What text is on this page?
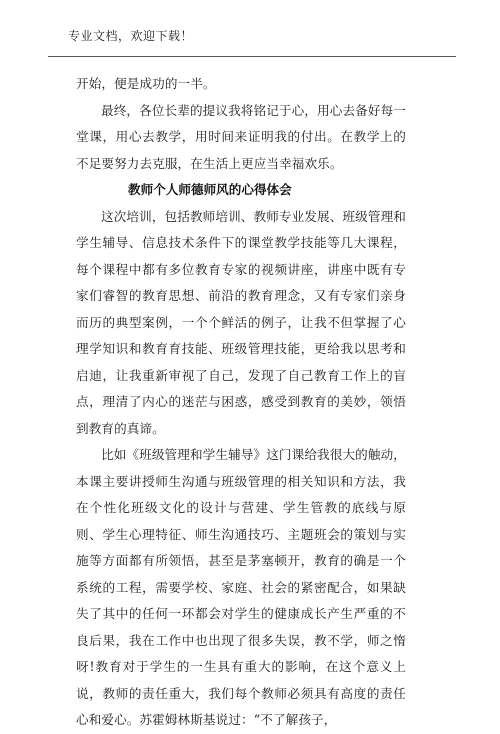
专业文档，欢迎下载！

开始，便是成功的一半。

最终，各位长辈的提议我将铭记于心，用心去备好每一堂课，用心去教学，用时间来证明我的付出。在教学上的不足要努力去克服，在生活上更应当幸福欢乐。

教师个人师德师风的心得体会

这次培训，包括教师培训、教师专业发展、班级管理和学生辅导、信息技术条件下的课堂教学技能等几大课程，每个课程中都有多位教育专家的视频讲座，讲座中既有专家们睿智的教育思想、前沿的教育理念，又有专家们亲身而历的典型案例，一个个鲜活的例子，让我不但掌握了心理学知识和教育育技能、班级管理技能，更给我以思考和启迪，让我重新审视了自己，发现了自己教育工作上的盲点，理清了内心的迷茫与困惑，感受到教育的美妙，领悟到教育的真谛。

比如《班级管理和学生辅导》这门课给我很大的触动，本课主要讲授师生沟通与班级管理的相关知识和方法，我在个性化班级文化的设计与营建、学生管教的底线与原则、学生心理特征、师生沟通技巧、主题班会的策划与实施等方面都有所领悟，甚至是茅塞顿开，教育的确是一个系统的工程，需要学校、家庭、社会的紧密配合，如果缺失了其中的任何一环都会对学生的健康成长产生严重的不良后果，我在工作中也出现了很多失误，教不学，师之惰呀!教育对于学生的一生具有重大的影响，在这个意义上说，教师的责任重大，我们每个教师必须具有高度的责任心和爱心。苏霍姆林斯基说过：“不了解孩子，
